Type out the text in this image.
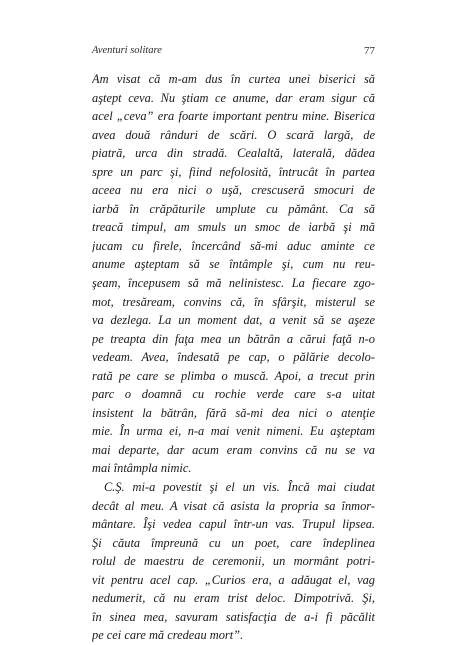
Aventuri solitare	77
Am visat că m-am dus în curtea unei biserici să
aştept ceva. Nu ştiam ce anume, dar eram sigur că
acel „ceva” era foarte important pentru mine. Biserica
avea două rânduri de scări. O scară largă, de
piatră, urca din stradă. Cealaltă, laterală, dădea
spre un parc şi, fiind nefolosită, întrucât în partea
aceea nu era nici o uşă, crescuseră smocuri de
iarbă în crăpăturile umplute cu pământ. Ca să
treacă timpul, am smuls un smoc de iarbă şi mă
jucam cu firele, încercând să-mi aduc aminte ce
anume aşteptam să se întâmple şi, cum nu reu-
şeam, începusem să mă nelinistesc. La fiecare zgo-
mot, tresăream, convins că, în sfârşit, misterul se
va dezlega. La un moment dat, a venit să se aşeze
pe treapta din faţa mea un bătrân a cărui faţă n-o
vedeam. Avea, îndesată pe cap, o pălărie decolo-
rată pe care se plimba o muscă. Apoi, a trecut prin
parc o doamnă cu rochie verde care s-a uitat
insistent la bătrân, fără să-mi dea nici o atenţie
mie. În urma ei, n-a mai venit nimeni. Eu aşteptam
mai departe, dar acum eram convins că nu se va
mai întâmpla nimic.
C.Ş. mi-a povestit şi el un vis. Încă mai ciudat
decât al meu. A visat că asista la propria sa înmor-
mântare. Îşi vedea capul într-un vas. Trupul lipsea.
Şi căuta împreună cu un poet, care îndeplinea
rolul de maestru de ceremonii, un mormânt potri-
vit pentru acel cap. „Curios era, a adăugat el, vag
nedumerit, că nu eram trist deloc. Dimpotrivă. Şi,
în sinea mea, savuram satisfacţia de a-i fi păcălit
pe cei care mă credeau mort”.
